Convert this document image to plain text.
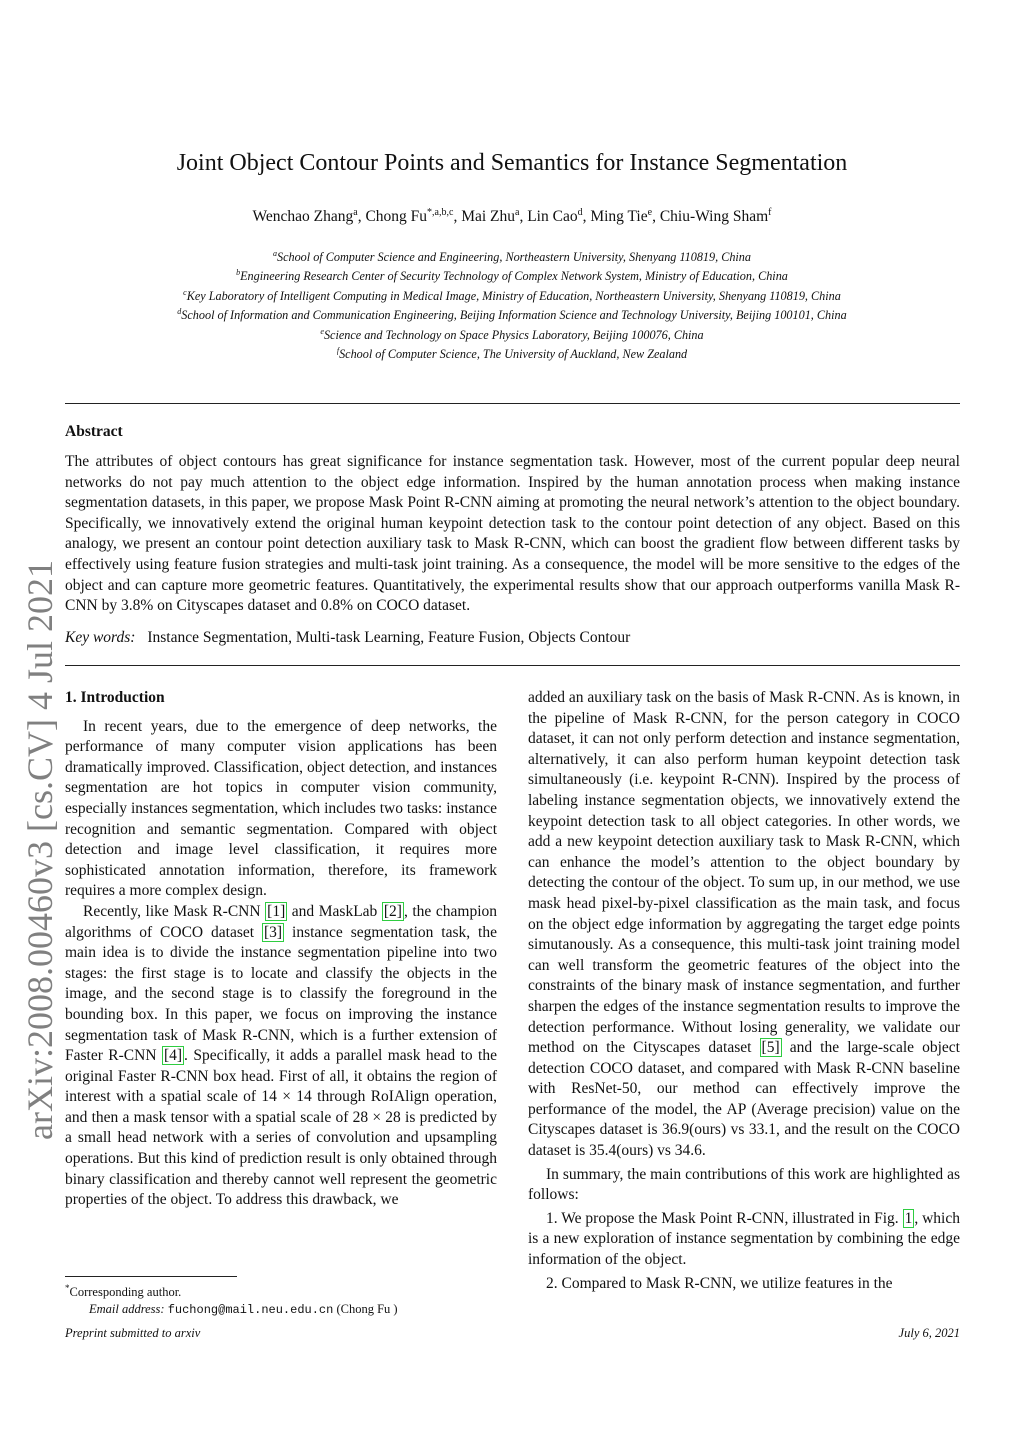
Joint Object Contour Points and Semantics for Instance Segmentation
Wenchao Zhang$^a$, Chong $Fu^{*,a,b,c}$, Mai Zhu$^a$, Lin Cao$^d$, Ming Tie$^e$, Chiu-Wing Sham$^f$
$^a$School of Computer Science and Engineering, Northeastern University, Shenyang 110819, China
$^b$Engineering Research Center of Security Technology of Complex Network System, Ministry of Education, China
$^c$Key Laboratory of Intelligent Computing in Medical Image, Ministry of Education, Northeastern University, Shenyang 110819, China
$^d$School of Information and Communication Engineering, Beijing Information Science and Technology University, Beijing 100101, China
$^e$Science and Technology on Space Physics Laboratory, Beijing 100076, China
$^f$School of Computer Science, The University of Auckland, New Zealand
Abstract
The attributes of object contours has great significance for instance segmentation task. However, most of the current popular deep neural networks do not pay much attention to the object edge information. Inspired by the human annotation process when making instance segmentation datasets, in this paper, we propose Mask Point R-CNN aiming at promoting the neural network’s attention to the object boundary. Specifically, we innovatively extend the original human keypoint detection task to the contour point detection of any object. Based on this analogy, we present an contour point detection auxiliary task to Mask R-CNN, which can boost the gradient flow between different tasks by effectively using feature fusion strategies and multi-task joint training. As a consequence, the model will be more sensitive to the edges of the object and can capture more geometric features. Quantitatively, the experimental results show that our approach outperforms vanilla Mask R-CNN by 3.8% on Cityscapes dataset and 0.8% on COCO dataset.
Key words: Instance Segmentation, Multi-task Learning, Feature Fusion, Objects Contour
arXiv:2008.00460v3 [cs.CV] 4 Jul 2021 1. Introduction

In recent years, due to the emergence of deep networks, the performance of many computer vision applications has been dramatically improved. Classification, object detection, and instances segmentation are hot topics in computer vision community, especially instances segmentation, which includes two tasks: instance recognition and semantic segmentation. Compared with object detection and image level classification, it requires more sophisticated annotation information, therefore, its framework requires a more complex design.

Recently, like Mask R-CNN [1] and MaskLab [2] , the champion algorithms of COCO dataset [3] instance segmentation task, the main idea is to divide the instance segmentation pipeline into two stages: the first stage is to locate and classify the objects in the image, and the second stage is to classify the foreground in the bounding box. In this paper, we focus on improving the instance segmentation task of Mask R-CNN, which is a further extension of Faster R-CNN [4] . Specifically, it adds a parallel mask head to the original Faster R-CNN box head. First of all, it obtains the region of interest with a spatial scale of 14 × 14 through RoIAlign operation, and then a mask tensor with a spatial scale of 28 × 28 is predicted by a small head network with a series of convolution and upsampling operations. But this kind of prediction result is only obtained through binary classification and thereby cannot well represent the geometric properties of the object. To address this drawback, we

added an auxiliary task on the basis of Mask R-CNN. As is known, in the pipeline of Mask R-CNN, for the person category in COCO dataset, it can not only perform detection and instance segmentation, alternatively, it can also perform human keypoint detection task simultaneously (i.e. keypoint R-CNN). Inspired by the process of labeling instance segmentation objects, we innovatively extend the keypoint detection task to all object categories. In other words, we add a new keypoint detection auxiliary task to Mask R-CNN, which can enhance the model’s attention to the object boundary by detecting the contour of the object. To sum up, in our method, we use mask head pixel-by-pixel classification as the main task, and focus on the object edge information by aggregating the target edge points simutanously. As a consequence, this multi-task joint training model can well transform the geometric features of the object into the constraints of the binary mask of instance segmentation, and further sharpen the edges of the instance segmentation results to improve the detection performance. Without losing generality, we validate our method on the Cityscapes dataset [5] and the large-scale object detection COCO dataset, and compared with Mask R-CNN baseline with ResNet-50, our method can effectively improve the performance of the model, the AP (Average precision) value on the Cityscapes dataset is 36.9(ours) vs 33.1, and the result on the COCO dataset is 35.4(ours) vs 34.6.

In summary, the main contributions of this work are highlighted as follows:

1. We propose the Mask Point R-CNN, illustrated in Fig. 1 , which is a new exploration of instance segmentation by combining the edge information of the object.

2. Compared to Mask R-CNN, we utilize features in the

*Corresponding author.
Email address: fuchong@mail.neu.edu.cn (Chong Fu )
Preprint submitted to arxiv	July 6, 2021
